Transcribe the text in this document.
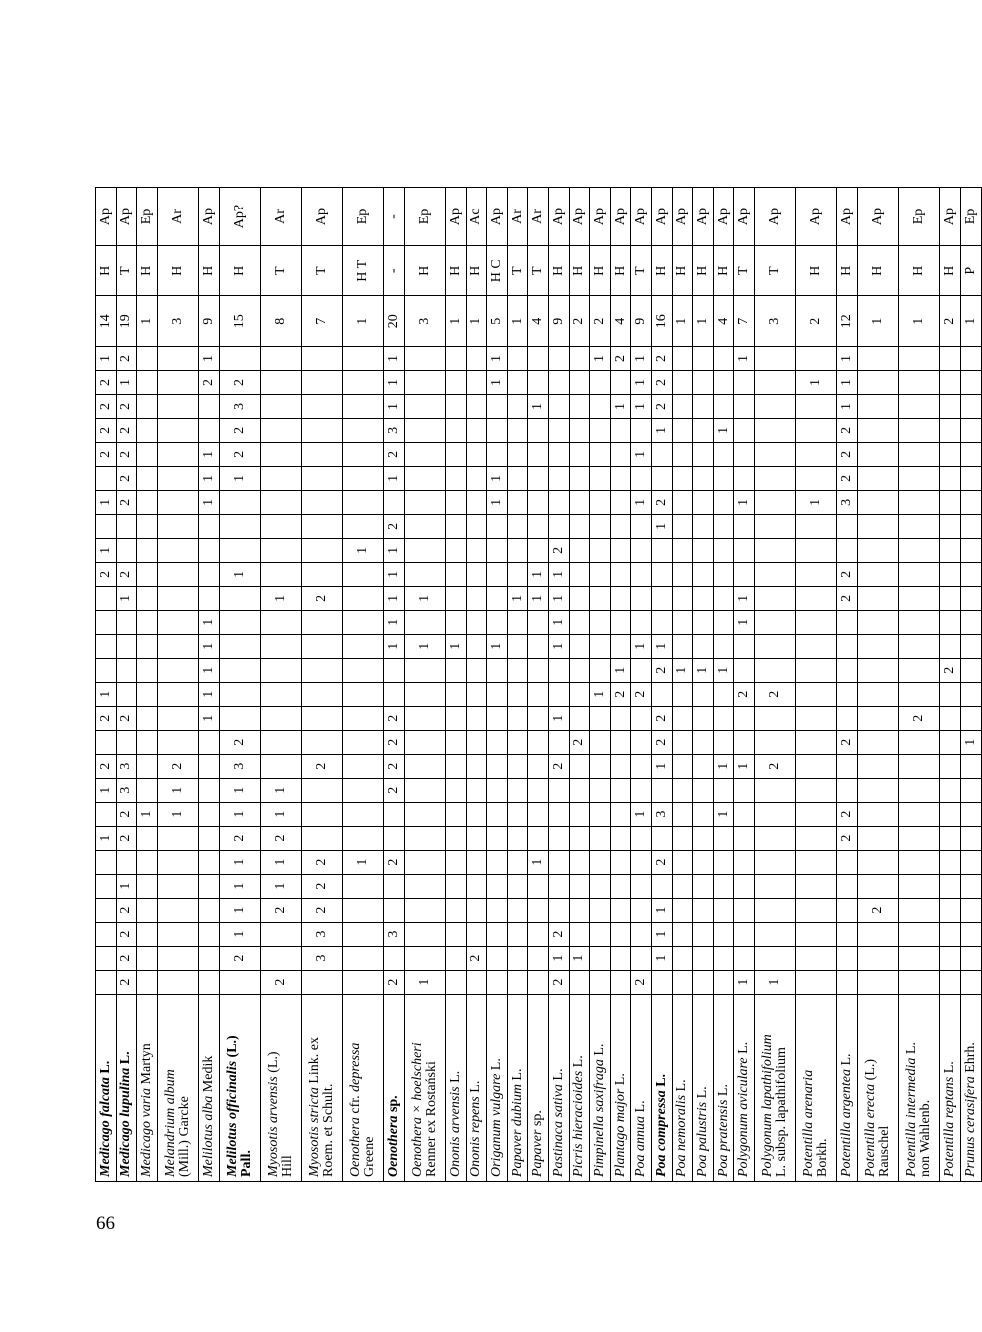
66
Medicago falcata L.							1		1	2		2	1					2	1		1		2	2	2	2	1	14	H	Ap
Medicago lupulina L.	2	2	2	2	1		2	2	3	3		2					1	2			2	2	2	2	2	1	2	19	T	Ap
Medicago varia Martyn								1																				1	H	Ep
Melandrium album
(Mill.) Garcke								1	1	2																		3	H	Ar
Melilotus alba Medik												1	1	1	1	1					1	1	1			2	1	9	H	Ap
Melilotus officinalis (L.)
Pall.		2	1	1	1	1	2	1	1	3	2							1				1	2	2	3	2		15	H	Ap?
Myosotis arvensis (L.)
Hill	2			2	1	1	2	1	1								1											8	T	Ar
Myosotis stricta Link. ex
Roem. et Schult.		3	3	2	2	2				2							2											7	T	Ap
Oenothera cfr. depressa
Greene						1													1									1	H T	Ep
Oenothera sp.	2		3			2			2	2	2	2			1	1	1	1	1	2		1	2	3	1	1	1	20	-	-
Oenothera × hoelscheri
Renner ex Rostański	1														1		1											3	H	Ep
Ononis arvensis L.															1													1	H	Ap
Ononis repens L.		2																										1	H	Ac
Origanum vulgare L.															1						1	1				1	1	5	H C	Ap
Papaver dubium L.																	1											1	T	Ar
Papaver sp.						1											1	1							1			4	T	Ar
Pastinaca sativa L.	2	1	2							2		1			1	1	1	1	2									9	H	Ap
Picris hieracioides L.		1									2																	2	H	Ap
Pimpinella saxifraga L.													1														1	2	H	Ap
Plantago major L.													2	1											1		2	4	H	Ap
Poa annua L.	2							1					2		1						1		1		1	1	1	9	T	Ap
Poa compressa L.		1	1	1		2		3		1	2	2		2	1					1	2			1	2	2	2	16	H	Ap
Poa nemoralis L.														1														1	H	Ap
Poa palustris L.														1														1	H	Ap
Poa pratensis L.								1		1				1										1				4	H	Ap
Polygonum aviculare L.	1									1			2			1	1				1						1	7	T	Ap
Polygonum lapathifolium
L. subsp. lapathifolium	1									2			2															3	T	Ap
Potentilla arenaria
Borkh.																					1					1		2	H	Ap
Potentilla argentea L.							2	2			2						2	2			3	2	2	2	1	1	1	12	H	Ap
Potentilla erecta (L.)
Rauschel				2																								1	H	Ap
Potentilla intermedia L.
non Wahlenb.												2																1	H	Ep
Potentilla reptans L.														2														2	H	Ap
Prunus cerasifera Ehrh.											1																	1	P	Ep
